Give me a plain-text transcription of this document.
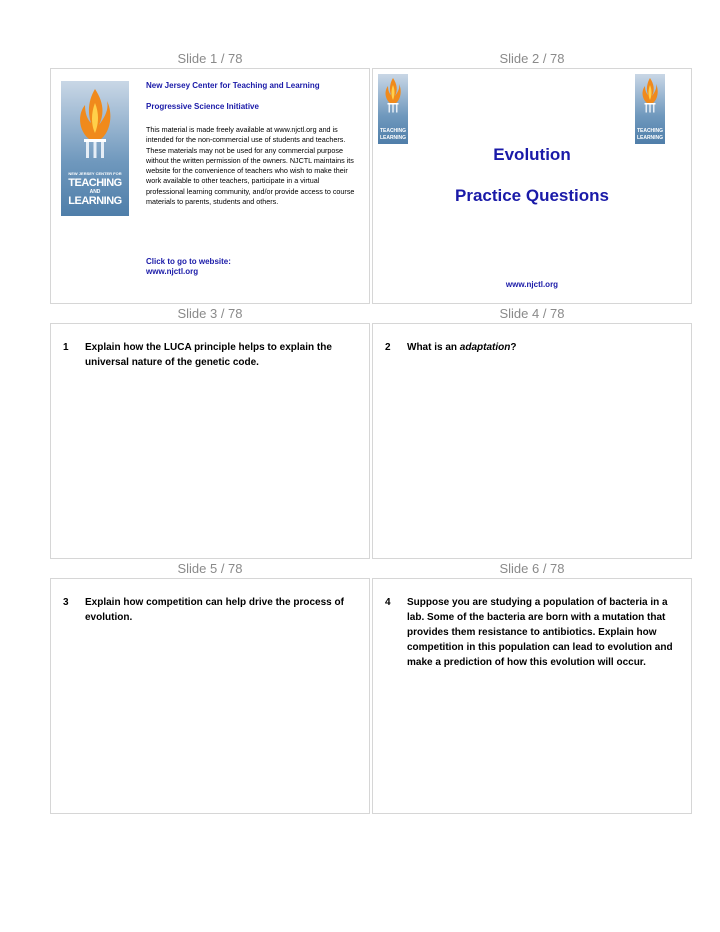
Slide 1 / 78	Slide 2 / 78
Slide 3 / 78	Slide 4 / 78
Slide 5 / 78	Slide 6 / 78
NEW JERSEY CENTER FOR
TEACHING
AND
LEARNING
New Jersey Center for Teaching and Learning
Progressive Science Initiative
This material is made freely available at www.njctl.org and is intended for the non-commercial use of students and teachers. These materials may not be used for any commercial purpose without the written permission of the owners. NJCTL maintains its website for the convenience of teachers who wish to make their work available to other teachers, participate in a virtual professional learning community, and/or provide access to course materials to parents, students and others.
Click to go to website:
www.njctl.org
TEACHING
LEARNING
TEACHING
LEARNING
Evolution
Practice Questions
www.njctl.org
1	Explain how the LUCA principle helps to explain the universal nature of the genetic code.
2	What is an adaptation?
3	Explain how competition can help drive the process of evolution.
4	Suppose you are studying a population of bacteria in a lab. Some of the bacteria are born with a mutation that provides them resistance to antibiotics. Explain how competition in this population can lead to evolution and make a prediction of how this evolution will occur.
